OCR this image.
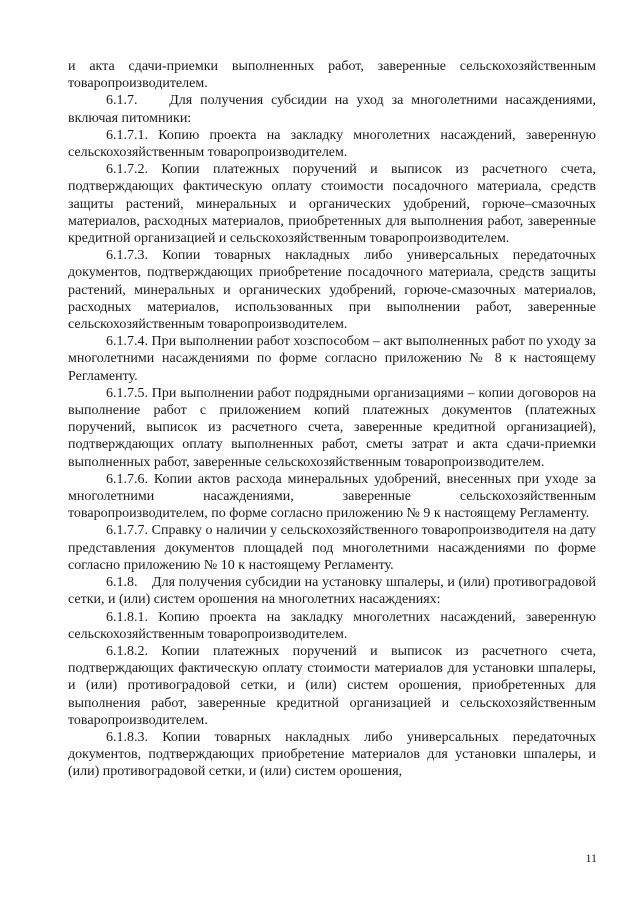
и акта сдачи-приемки выполненных работ, заверенные сельскохозяйственным товаропроизводителем.

6.1.7.    Для получения субсидии на уход за многолетними насаждениями, включая питомники:

6.1.7.1. Копию проекта на закладку многолетних насаждений, заверенную сельскохозяйственным товаропроизводителем.

6.1.7.2. Копии платежных поручений и выписок из расчетного счета, подтверждающих фактическую оплату стоимости посадочного материала, средств защиты растений, минеральных и органических удобрений, горюче–смазочных материалов, расходных материалов, приобретенных для выполнения работ, заверенные кредитной организацией и сельскохозяйственным товаропроизводителем.

6.1.7.3. Копии товарных накладных либо универсальных передаточных документов, подтверждающих приобретение посадочного материала, средств защиты растений, минеральных и органических удобрений, горюче-смазочных материалов, расходных материалов, использованных при выполнении работ, заверенные сельскохозяйственным товаропроизводителем.

6.1.7.4. При выполнении работ хозспособом – акт выполненных работ по уходу за многолетними насаждениями по форме согласно приложению № 8 к настоящему Регламенту.

6.1.7.5. При выполнении работ подрядными организациями – копии договоров на выполнение работ с приложением копий платежных документов (платежных поручений, выписок из расчетного счета, заверенные кредитной организацией), подтверждающих оплату выполненных работ, сметы затрат и акта сдачи-приемки выполненных работ, заверенные сельскохозяйственным товаропроизводителем.

6.1.7.6. Копии актов расхода минеральных удобрений, внесенных при уходе за многолетними насаждениями, заверенные сельскохозяйственным товаропроизводителем, по форме согласно приложению № 9 к настоящему Регламенту.

6.1.7.7. Справку о наличии у сельскохозяйственного товаропроизводителя на дату представления документов площадей под многолетними насаждениями по форме согласно приложению № 10 к настоящему Регламенту.

6.1.8.    Для получения субсидии на установку шпалеры, и (или) противоградовой сетки, и (или) систем орошения на многолетних насаждениях:

6.1.8.1. Копию проекта на закладку многолетних насаждений, заверенную сельскохозяйственным товаропроизводителем.

6.1.8.2. Копии платежных поручений и выписок из расчетного счета, подтверждающих фактическую оплату стоимости материалов для установки шпалеры, и (или) противоградовой сетки, и (или) систем орошения, приобретенных для выполнения работ, заверенные кредитной организацией и сельскохозяйственным товаропроизводителем.

6.1.8.3. Копии товарных накладных либо универсальных передаточных документов, подтверждающих приобретение материалов для установки шпалеры, и (или) противоградовой сетки, и (или) систем орошения,

11
